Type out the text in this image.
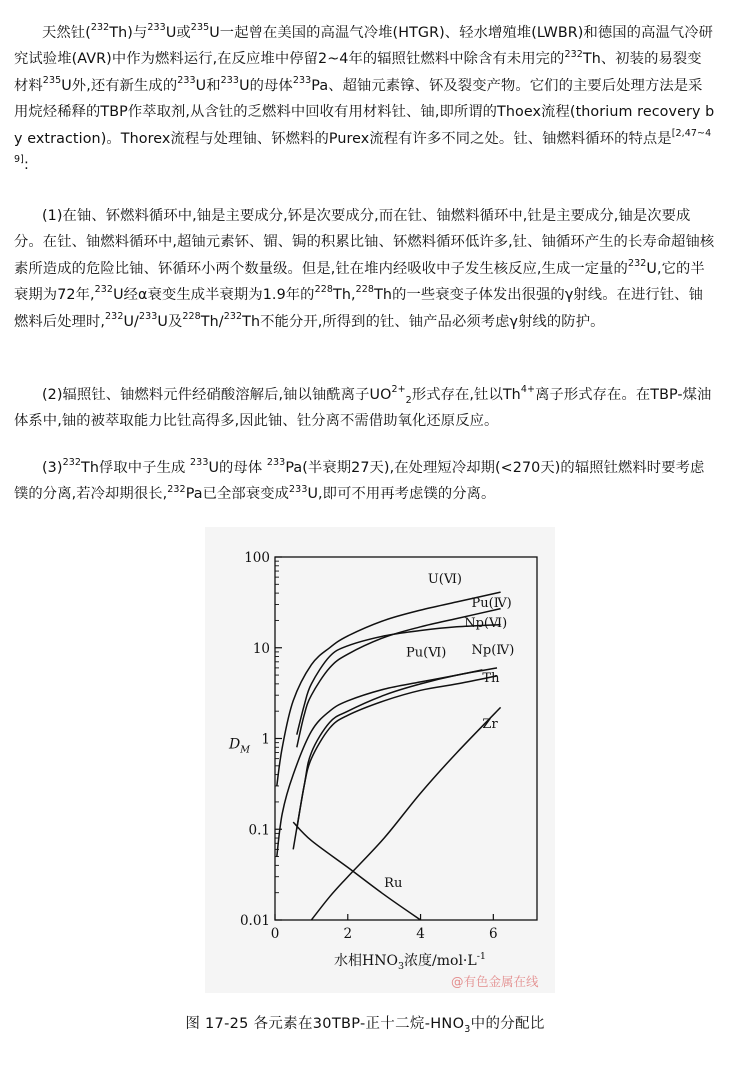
天然钍($^{232}$Th)与$^{233}$U或$^{235}$U一起曾在美国的高温气冷堆(HTGR)、轻水增殖堆(LWBR)和德国的高温气冷研究试验堆(AVR)中作为燃料运行,在反应堆中停留2~4年的辐照钍燃料中除含有未用完的$^{232}$Th、初装的易裂变材料$^{235}$U外,还有新生成的$^{233}$U和$^{233}$U的母体$^{233}$Pa、超铀元素镎、钚及裂变产物。它们的主要后处理方法是采用烷烃稀释的TBP作萃取剂,从含钍的乏燃料中回收有用材料钍、铀,即所谓的Thoex流程(thorium recovery by extraction)。Thorex流程与处理铀、钚燃料的Purex流程有许多不同之处。钍、铀燃料循环的特点是[2,47~49]:
(1)在铀、钚燃料循环中,铀是主要成分,钚是次要成分,而在钍、铀燃料循环中,钍是主要成分,铀是次要成分。在钍、铀燃料循环中,超铀元素钚、镅、锔的积累比铀、钚燃料循环低许多,钍、铀循环产生的长寿命超铀核素所造成的危险比铀、钚循环小两个数量级。但是,钍在堆内经吸收中子发生核反应,生成一定量的$^{232}$U,它的半衰期为72年,$^{232}$U经α衰变生成半衰期为1.9年的$^{228}$Th,$^{228}$Th的一些衰变子体发出很强的γ射线。在进行钍、铀燃料后处理时,$^{232}$U/$^{233}$U及$^{228}$Th/$^{232}$Th不能分开,所得到的钍、铀产品必须考虑γ射线的防护。
(2)辐照钍、铀燃料元件经硝酸溶解后,铀以铀酰离子$UO^{2+}_2$形式存在,钍以$Th^{4+}$离子形式存在。在TBP-煤油体系中,铀的被萃取能力比钍高得多,因此铀、钍分离不需借助氧化还原反应。
$(3)^{232}Th$俘取中子生成 $^{233}$U的母体 $^{233}$Pa(半衰期27天),在处理短冷却期(<270天)的辐照钍燃料时要考虑镤的分离,若冷却期很长,$^{232}$Pa已全部衰变成$^{233}$U,即可不用再考虑镤的分离。
0	2	4	6
0.01
0.1
1
10
100
U(Ⅵ)
Pu(Ⅳ)
Np(Ⅵ)
Pu(Ⅵ) Np(Ⅳ)
Th
Zr
Ru
$D_M$
水相$HNO_3$浓度$/mol\cdot L^{-1}$
@有色金属在线
图 17-25 各元素在30TBP-正十二烷$-HNO_3$中的分配比
